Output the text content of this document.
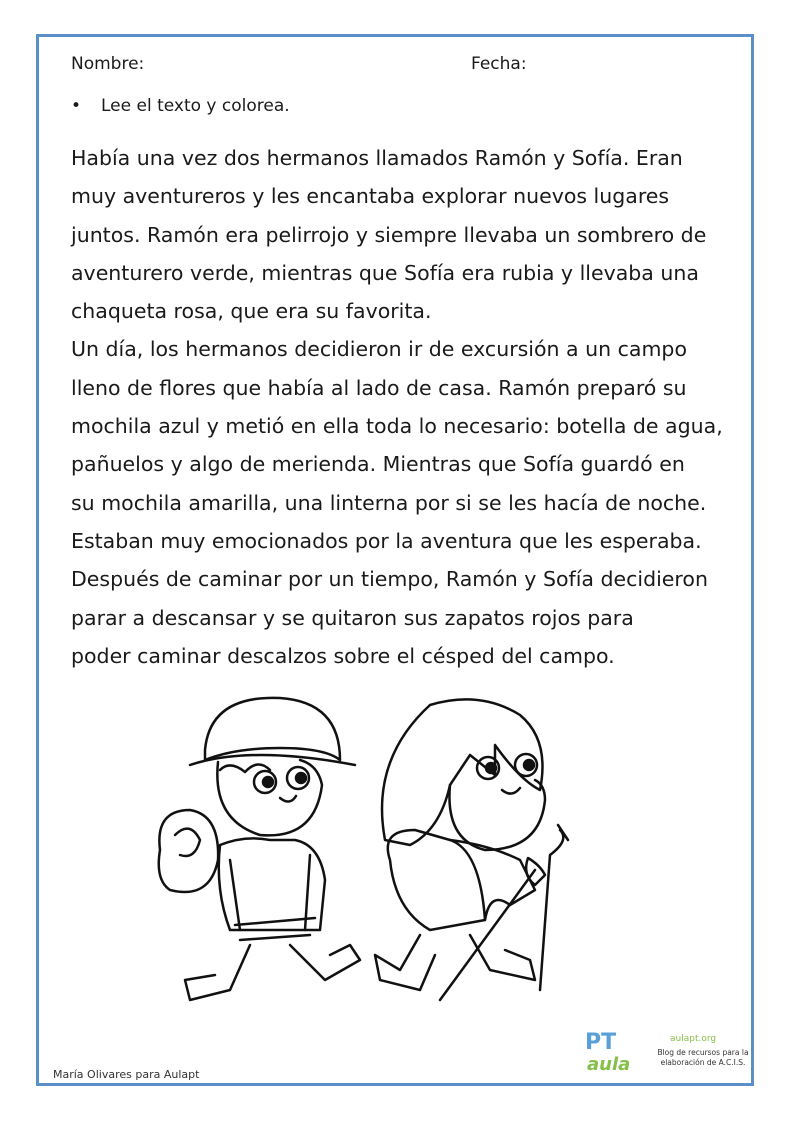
Nombre:	Fecha:
• Lee el texto y colorea.
Había una vez dos hermanos llamados Ramón y Sofía. Eran
muy aventureros y les encantaba explorar nuevos lugares
juntos. Ramón era pelirrojo y siempre llevaba un sombrero de
aventurero verde, mientras que Sofía era rubia y llevaba una
chaqueta rosa, que era su favorita.
Un día, los hermanos decidieron ir de excursión a un campo
lleno de flores que había al lado de casa. Ramón preparó su
mochila azul y metió en ella toda lo necesario: botella de agua,
pañuelos y algo de merienda. Mientras que Sofía guardó en
su mochila amarilla, una linterna por si se les hacía de noche.
Estaban muy emocionados por la aventura que les esperaba.
Después de caminar por un tiempo, Ramón y Sofía decidieron
parar a descansar y se quitaron sus zapatos rojos para
poder caminar descalzos sobre el césped del campo.
María Olivares para Aulapt
PT
aula
aulapt.org
Blog de recursos para la elaboración de A.C.I.S.
